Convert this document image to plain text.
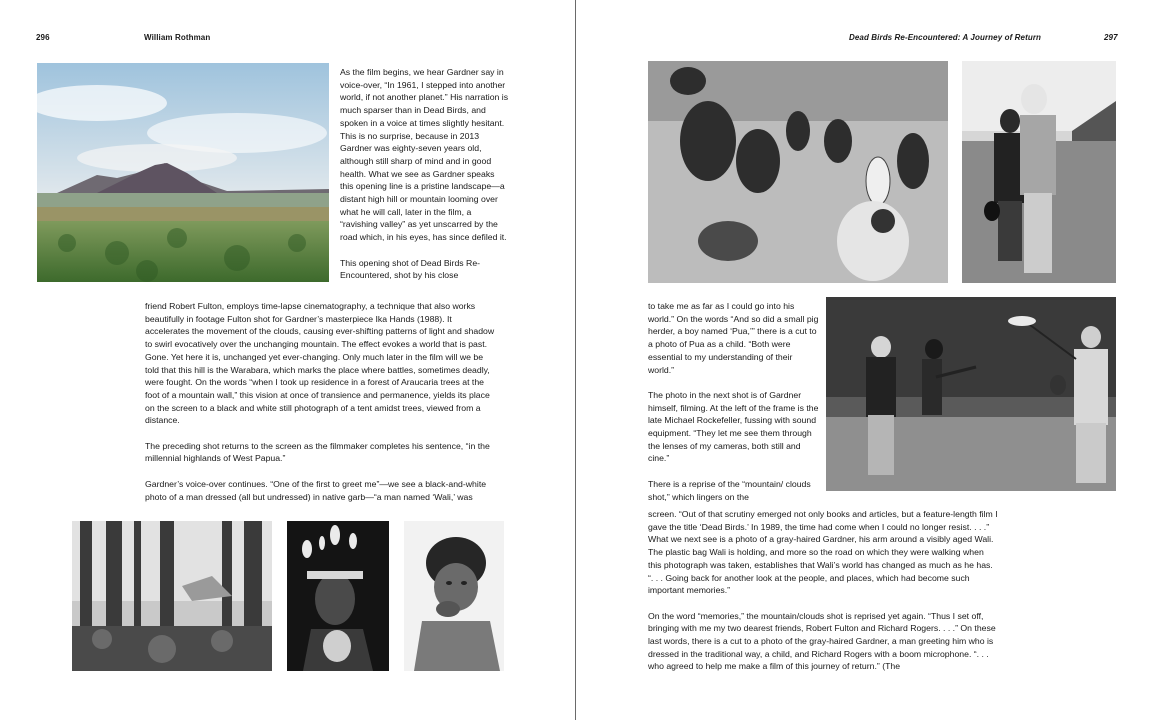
296	William Rothman

As the film begins, we hear Gardner say in voice-over, “In 1961, I stepped into another world, if not another planet.” His narration is much sparser than in Dead Birds, and spoken in a voice at times slightly hesitant. This is no surprise, because in 2013 Gardner was eighty-seven years old, although still sharp of mind and in good health. What we see as Gardner speaks this opening line is a pristine landscape—a distant high hill or mountain looming over what he will call, later in the film, a “ravishing valley” as yet unscarred by the road which, in his eyes, has since defiled it.

This opening shot of Dead Birds Re-Encountered, shot by his close

friend Robert Fulton, employs time-lapse cinematography, a technique that also works beautifully in footage Fulton shot for Gardner’s masterpiece Ika Hands (1988). It accelerates the movement of the clouds, causing ever-shifting patterns of light and shadow to swirl evocatively over the unchanging mountain. The effect evokes a world that is past. Gone. Yet here it is, unchanged yet ever-changing. Only much later in the film will we be told that this hill is the Warabara, which marks the place where battles, sometimes deadly, were fought. On the words “when I took up residence in a forest of Araucaria trees at the foot of a mountain wall,” this vision at once of transience and permanence, yields its place on the screen to a black and white still photograph of a tent amidst trees, viewed from a distance.

The preceding shot returns to the screen as the filmmaker completes his sentence, “in the millennial highlands of West Papua.”

Gardner’s voice-over continues. “One of the first to greet me”—we see a black-and-white photo of a man dressed (all but undressed) in native garb—“a man named ‘Wali,’ was

Dead Birds Re-Encountered: A Journey of Return	297

to take me as far as I could go into his world.” On the words “And so did a small pig herder, a boy named ‘Pua,’” there is a cut to a photo of Pua as a child. “Both were essential to my understanding of their world.”

The photo in the next shot is of Gardner himself, filming. At the left of the frame is the late Michael Rockefeller, fussing with sound equipment. “They let me see them through the lenses of my cameras, both still and cine.”

There is a reprise of the “mountain/ clouds shot,” which lingers on the

screen. “Out of that scrutiny emerged not only books and articles, but a feature-length film I gave the title ‘Dead Birds.’ In 1989, the time had come when I could no longer resist. . . .” What we next see is a photo of a gray-haired Gardner, his arm around a visibly aged Wali. The plastic bag Wali is holding, and more so the road on which they were walking when this photograph was taken, establishes that Wali’s world has changed as much as he has. “. . . Going back for another look at the people, and places, which had become such important memories.”

On the word “memories,” the mountain/clouds shot is reprised yet again. “Thus I set off, bringing with me my two dearest friends, Robert Fulton and Richard Rogers. . . .” On these last words, there is a cut to a photo of the gray-haired Gardner, a man greeting him who is dressed in the traditional way, a child, and Richard Rogers with a boom microphone. “. . . who agreed to help me make a film of this journey of return.” (The
